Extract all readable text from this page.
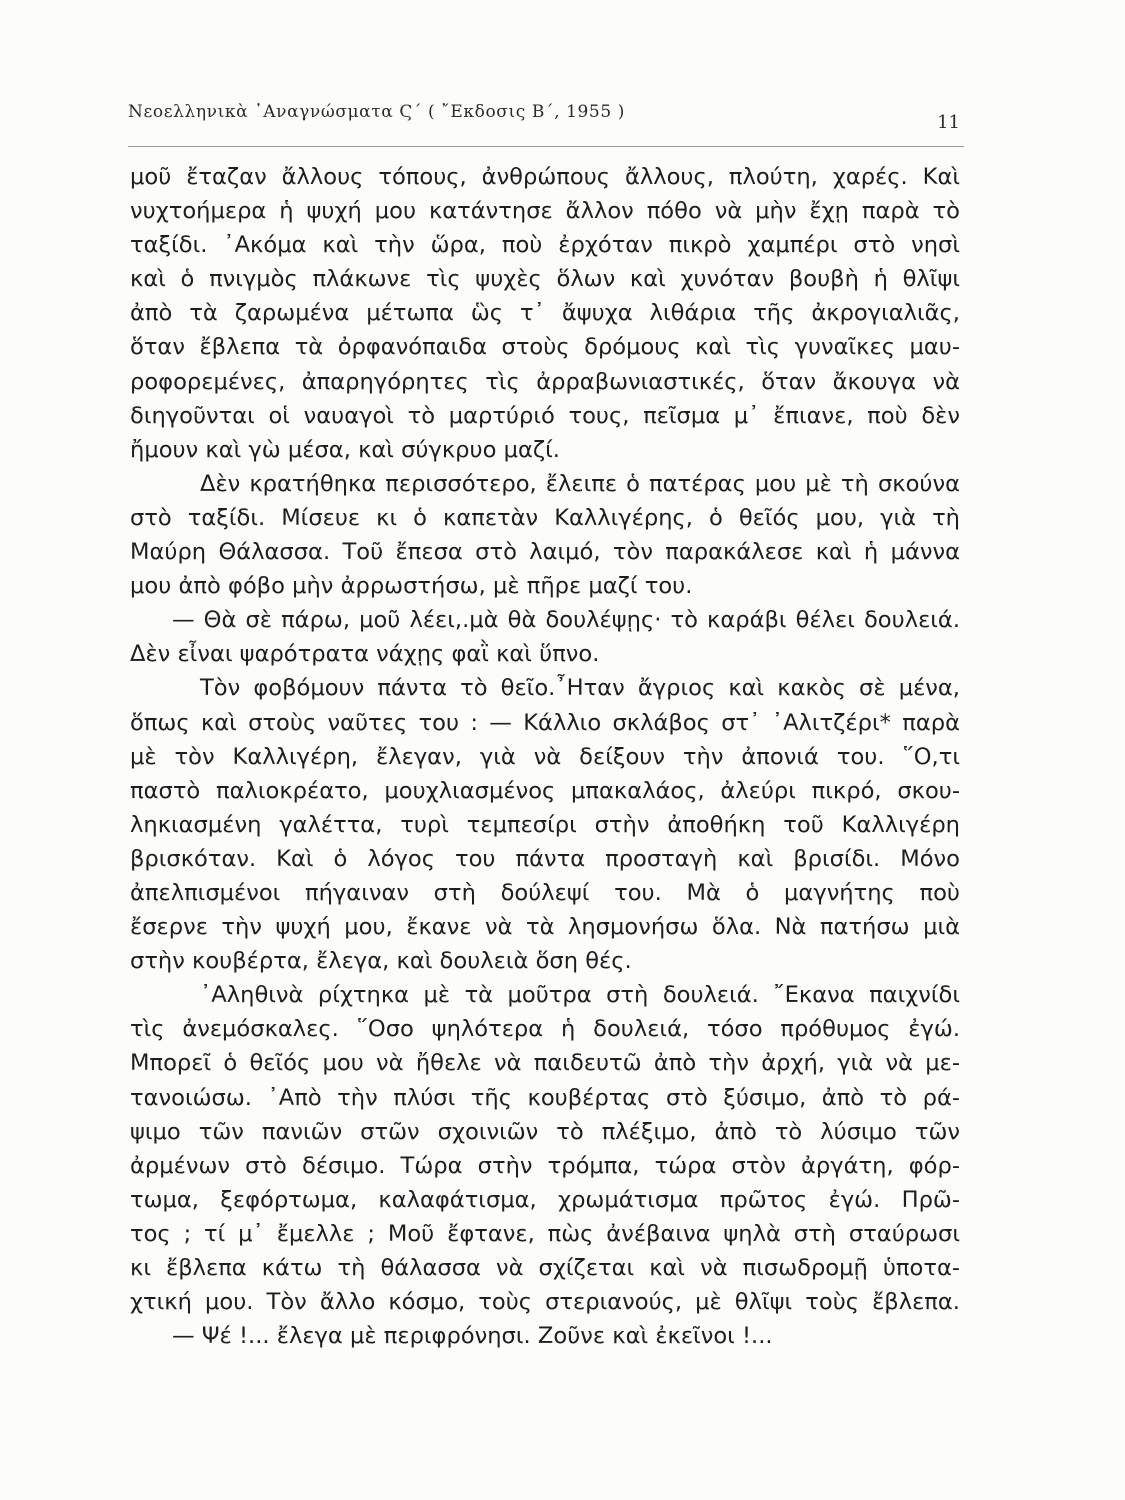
Νεοελληνικὰ ᾿Αναγνώσματα Ϛ΄ ( ῎Εκδοσις Β΄, 1955 )	11
μοῦ ἔταζαν ἄλλους τόπους, ἀνθρώπους ἄλλους, πλούτη, χαρές. Καὶ
νυχτοήμερα ἡ ψυχή μου κατάντησε ἄλλον πόθο νὰ μὴν ἔχῃ παρὰ τὸ
ταξίδι. ᾿Ακόμα καὶ τὴν ὥρα, ποὺ ἐρχόταν πικρὸ χαμπέρι στὸ νησὶ
καὶ ὁ πνιγμὸς πλάκωνε τὶς ψυχὲς ὅλων καὶ χυνόταν βουβὴ ἡ θλῖψι
ἀπὸ τὰ ζαρωμένα μέτωπα ὣς τ᾿ ἄψυχα λιθάρια τῆς ἀκρογιαλιᾶς,
ὅταν ἔβλεπα τὰ ὀρφανόπαιδα στοὺς δρόμους καὶ τὶς γυναῖκες μαυ-
ροφορεμένες, ἀπαρηγόρητες τὶς ἀρραβωνιαστικές, ὅταν ἄκουγα νὰ
διηγοῦνται οἱ ναυαγοὶ τὸ μαρτύριό τους, πεῖσμα μ᾿ ἔπιανε, ποὺ δὲν
ἤμουν καὶ γὼ μέσα, καὶ σύγκρυο μαζί.
Δὲν κρατήθηκα περισσότερο, ἔλειπε ὁ πατέρας μου μὲ τὴ σκούνα
στὸ ταξίδι. Μίσευε κι ὁ καπετὰν Καλλιγέρης, ὁ θεῖός μου, γιὰ τὴ
Μαύρη Θάλασσα. Τοῦ ἔπεσα στὸ λαιμό, τὸν παρακάλεσε καὶ ἡ μάννα
μου ἀπὸ φόβο μὴν ἀρρωστήσω, μὲ πῆρε μαζί του.
— Θὰ σὲ πάρω, μοῦ λέει,.μὰ θὰ δουλέψῃς· τὸ καράβι θέλει δουλειά.
Δὲν εἶναι ψαρότρατα νάχῃς φαῒ καὶ ὕπνο.
Τὸν φοβόμουν πάντα τὸ θεῖο.῏Ηταν ἄγριος καὶ κακὸς σὲ μένα,
ὅπως καὶ στοὺς ναῦτες του : — Κάλλιο σκλάβος στ᾿ ᾿Αλιτζέρι* παρὰ
μὲ τὸν Καλλιγέρη, ἔλεγαν, γιὰ νὰ δείξουν τὴν ἀπονιά του. ῞Ο,τι
παστὸ παλιοκρέατο, μουχλιασμένος μπακαλάος, ἀλεύρι πικρό, σκου-
ληκιασμένη γαλέττα, τυρὶ τεμπεσίρι στὴν ἀποθήκη τοῦ Καλλιγέρη
βρισκόταν. Καὶ ὁ λόγος του πάντα προσταγὴ καὶ βρισίδι. Μόνο
ἀπελπισμένοι πήγαιναν στὴ δούλεψί του. Μὰ ὁ μαγνήτης ποὺ
ἔσερνε τὴν ψυχή μου, ἔκανε νὰ τὰ λησμονήσω ὅλα. Νὰ πατήσω μιὰ
στὴν κουβέρτα, ἔλεγα, καὶ δουλειὰ ὅση θές.
᾿Αληθινὰ ρίχτηκα μὲ τὰ μοῦτρα στὴ δουλειά. ῎Εκανα παιχνίδι
τὶς ἀνεμόσκαλες. ῞Οσο ψηλότερα ἡ δουλειά, τόσο πρόθυμος ἐγώ.
Μπορεῖ ὁ θεῖός μου νὰ ἤθελε νὰ παιδευτῶ ἀπὸ τὴν ἀρχή, γιὰ νὰ με-
τανοιώσω. ᾿Απὸ τὴν πλύσι τῆς κουβέρτας στὸ ξύσιμο, ἀπὸ τὸ ρά-
ψιμο τῶν πανιῶν στῶν σχοινιῶν τὸ πλέξιμο, ἀπὸ τὸ λύσιμο τῶν
ἀρμένων στὸ δέσιμο. Τώρα στὴν τρόμπα, τώρα στὸν ἀργάτη, φόρ-
τωμα, ξεφόρτωμα, καλαφάτισμα, χρωμάτισμα πρῶτος ἐγώ. Πρῶ-
τος ; τί μ᾿ ἔμελλε ; Μοῦ ἔφτανε, πὼς ἀνέβαινα ψηλὰ στὴ σταύρωσι
κι ἔβλεπα κάτω τὴ θάλασσα νὰ σχίζεται καὶ νὰ πισωδρομῇ ὑποτα-
χτική μου. Τὸν ἄλλο κόσμο, τοὺς στεριανούς, μὲ θλῖψι τοὺς ἔβλεπα.
— Ψέ !... ἔλεγα μὲ περιφρόνησι. Ζοῦνε καὶ ἐκεῖνοι !...
